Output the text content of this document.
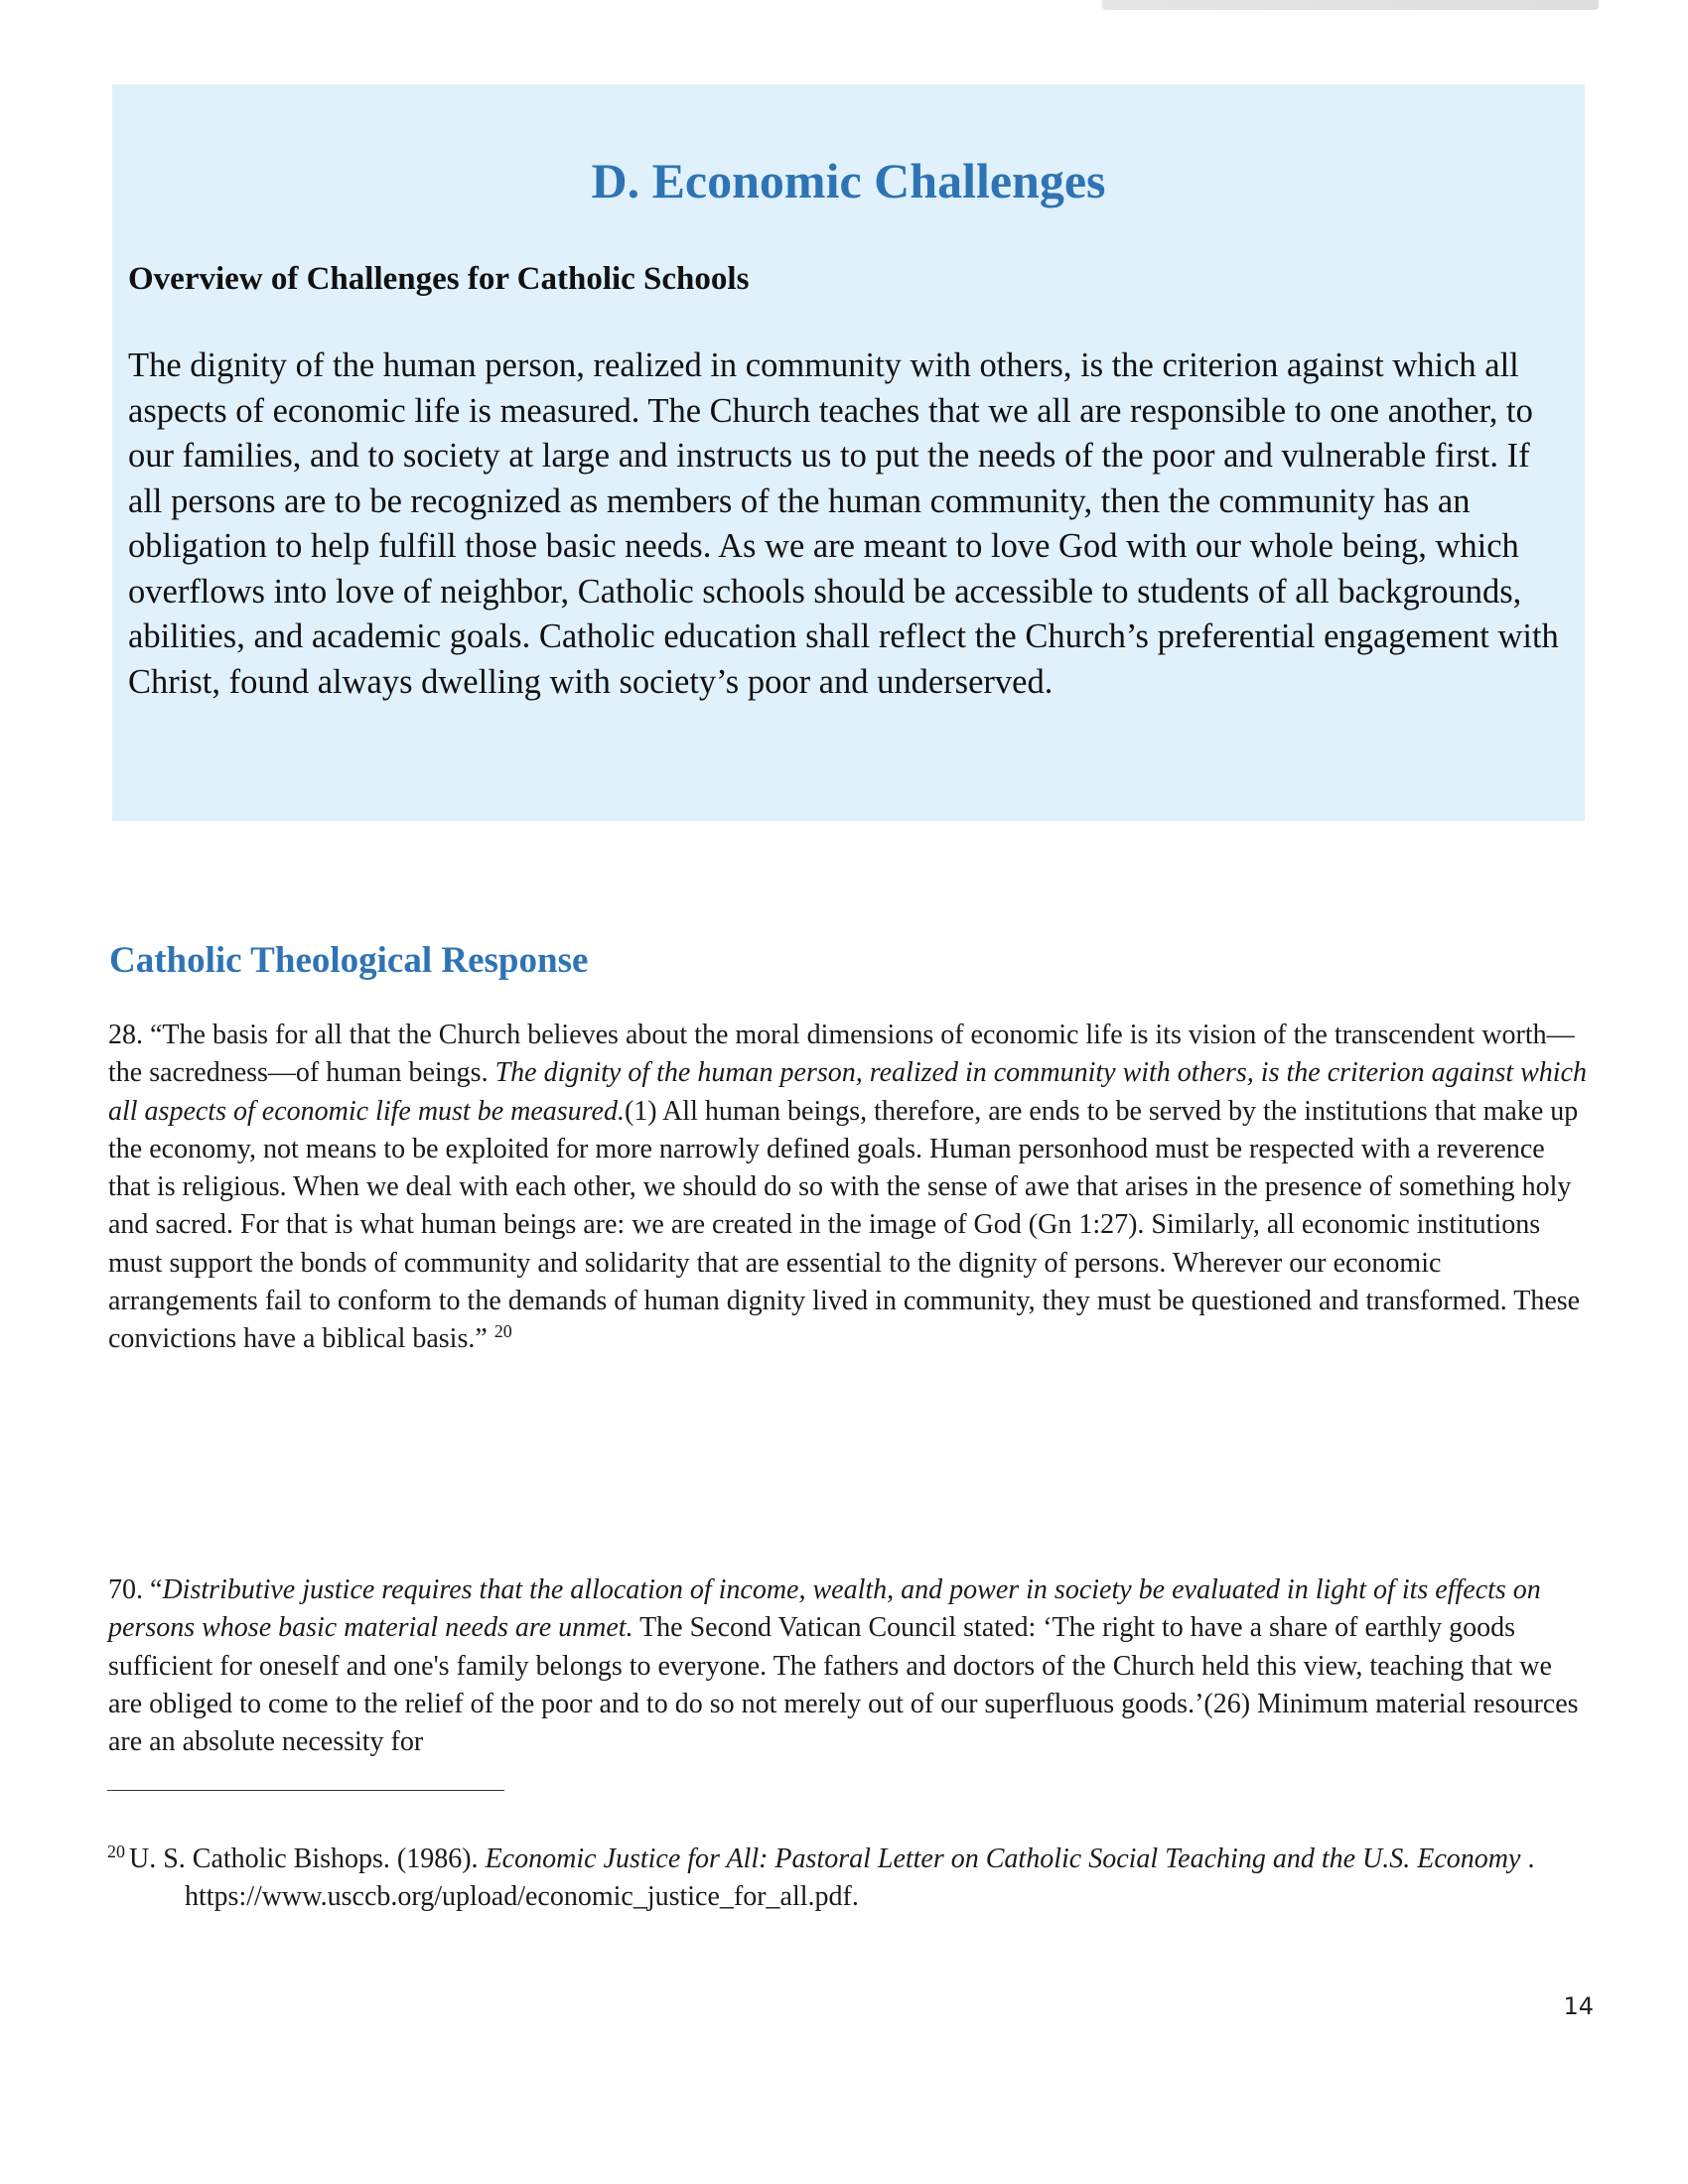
D. Economic Challenges
Overview of Challenges for Catholic Schools

The dignity of the human person, realized in community with others, is the criterion against which all aspects of economic life is measured. The Church teaches that we all are responsible to one another, to our families, and to society at large and instructs us to put the needs of the poor and vulnerable first. If all persons are to be recognized as members of the human community, then the community has an obligation to help fulfill those basic needs. As we are meant to love God with our whole being, which overflows into love of neighbor, Catholic schools should be accessible to students of all backgrounds, abilities, and academic goals. Catholic education shall reflect the Church’s preferential engagement with Christ, found always dwelling with society’s poor and underserved.

Catholic Theological Response

28. “The basis for all that the Church believes about the moral dimensions of economic life is its vision of the transcendent worth—the sacredness—of human beings. The dignity of the human person, realized in community with others, is the criterion against which all aspects of economic life must be measured.(1) All human beings, therefore, are ends to be served by the institutions that make up the economy, not means to be exploited for more narrowly defined goals. Human personhood must be respected with a reverence that is religious. When we deal with each other, we should do so with the sense of awe that arises in the presence of something holy and sacred. For that is what human beings are: we are created in the image of God (Gn 1:27). Similarly, all economic institutions must support the bonds of community and solidarity that are essential to the dignity of persons. Wherever our economic arrangements fail to conform to the demands of human dignity lived in community, they must be questioned and transformed. These convictions have a biblical basis.” $^{20}$

70. “Distributive justice requires that the allocation of income, wealth, and power in society be evaluated in light of its effects on persons whose basic material needs are unmet. The Second Vatican Council stated: ‘The right to have a share of earthly goods sufficient for oneself and one's family belongs to everyone. The fathers and doctors of the Church held this view, teaching that we are obliged to come to the relief of the poor and to do so not merely out of our superfluous goods.’(26) Minimum material resources are an absolute necessity for

$^{20}$ U. S. Catholic Bishops. (1986). Economic Justice for All: Pastoral Letter on Catholic Social Teaching and the U.S. Economy . https://www.usccb.org/upload/economic_justice_for_all.pdf.

14
